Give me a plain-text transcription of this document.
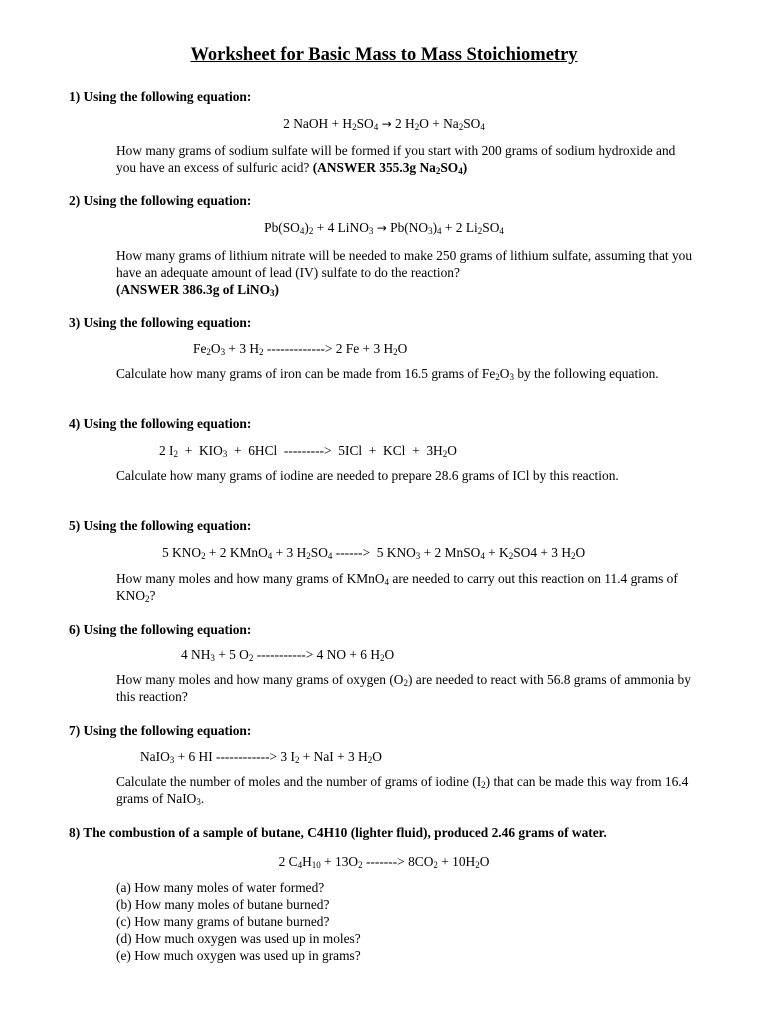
Worksheet for Basic Mass to Mass Stoichiometry
1) Using the following equation:
2 NaOH + $H_2SO_4 \to 2$ $H_2O + Na_2SO_4$
How many grams of sodium sulfate will be formed if you start with 200 grams of sodium hydroxide and you have an excess of sulfuric acid? (ANSWER 355.3g $Na_2SO_4$)
2) Using the following equation:
$Pb(SO_4)_2 + 4$ LiNO$_3$ → $Pb(NO_3)_4 + 2$ $Li_2SO_4$
How many grams of lithium nitrate will be needed to make 250 grams of lithium sulfate, assuming that you have an adequate amount of lead (IV) sulfate to do the reaction?
(ANSWER 386.3g of LiNO$_3$)
3) Using the following equation:
$Fe_2O_3 + 3$ $H_2$ -------------> 2 Fe + 3 $H_2O$
Calculate how many grams of iron can be made from 16.5 grams of $Fe_2O_3$ by the following equation.
4) Using the following equation:
2 $I_2 + KIO_3 + 6HCl$  --------->  5ICl  +  KCl  +  $3H_2O$
Calculate how many grams of iodine are needed to prepare 28.6 grams of ICl by this reaction.
5) Using the following equation:
5 $KNO_2 + 2$ KMnO$_4$ + 3 $H_2SO_4$ ------>  5 $KNO_3 + 2$ MnSO$_4$ + $K_2SO4 + 3$ $H_2O$
How many moles and how many grams of KMnO$_4$ are needed to carry out this reaction on 11.4 grams of $KNO_2$?
6) Using the following equation:
4 $NH_3 + 5$ $O_2$ -----------> 4 NO + 6 $H_2O$
How many moles and how many grams of oxygen $(O_2)$ are needed to react with 56.8 grams of ammonia by this reaction?
7) Using the following equation:
NaIO$_3$ + 6 HI ------------> 3 $I_2$ + NaI + 3 $H_2O$
Calculate the number of moles and the number of grams of iodine $(I_2)$ that can be made this way from 16.4 grams of NaIO$_3$.
8) The combustion of a sample of butane, C4H10 (lighter fluid), produced 2.46 grams of water.
2 $C_4H_{10} + 13O_2$ -------> $8CO_2 + 10H_2O$
(a) How many moles of water formed?
(b) How many moles of butane burned?
(c) How many grams of butane burned?
(d) How much oxygen was used up in moles?
(e) How much oxygen was used up in grams?
